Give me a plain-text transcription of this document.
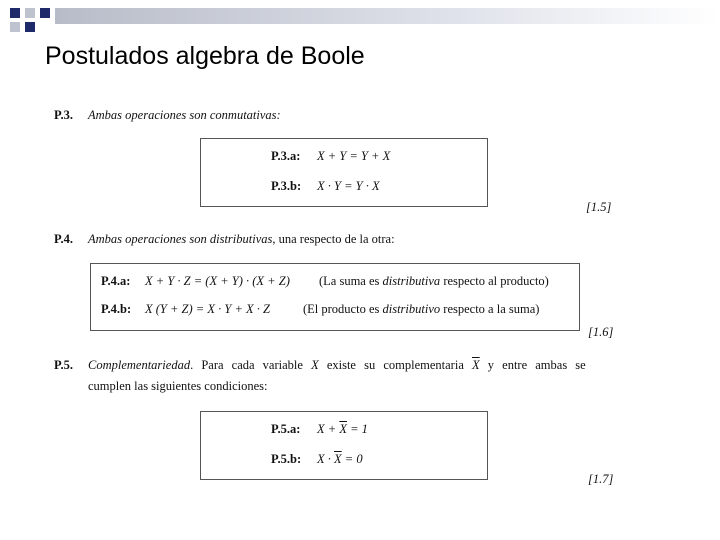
Postulados algebra de Boole
P.3. Ambas operaciones son conmutativas:
P.3.a: X + Y = Y + X
P.3.b: X · Y = Y · X
[1.5]
P.4. Ambas operaciones son distributivas, una respecto de la otra:
P.4.a: X + Y · Z = (X + Y) · (X + Z) (La suma es distributiva respecto al producto)
P.4.b: X (Y + Z) = X · Y + X · Z	(El producto es distributivo respecto a la suma)
[1.6]
P.5. Complementariedad. Para cada variable X existe su complementaria $\overline{X}$ y entre ambas se
cumplen las siguientes condiciones:
P.5.a: $X + \overline{X} = 1$
P.5.b: $X \cdot \overline{X} = 0$
[1.7]
